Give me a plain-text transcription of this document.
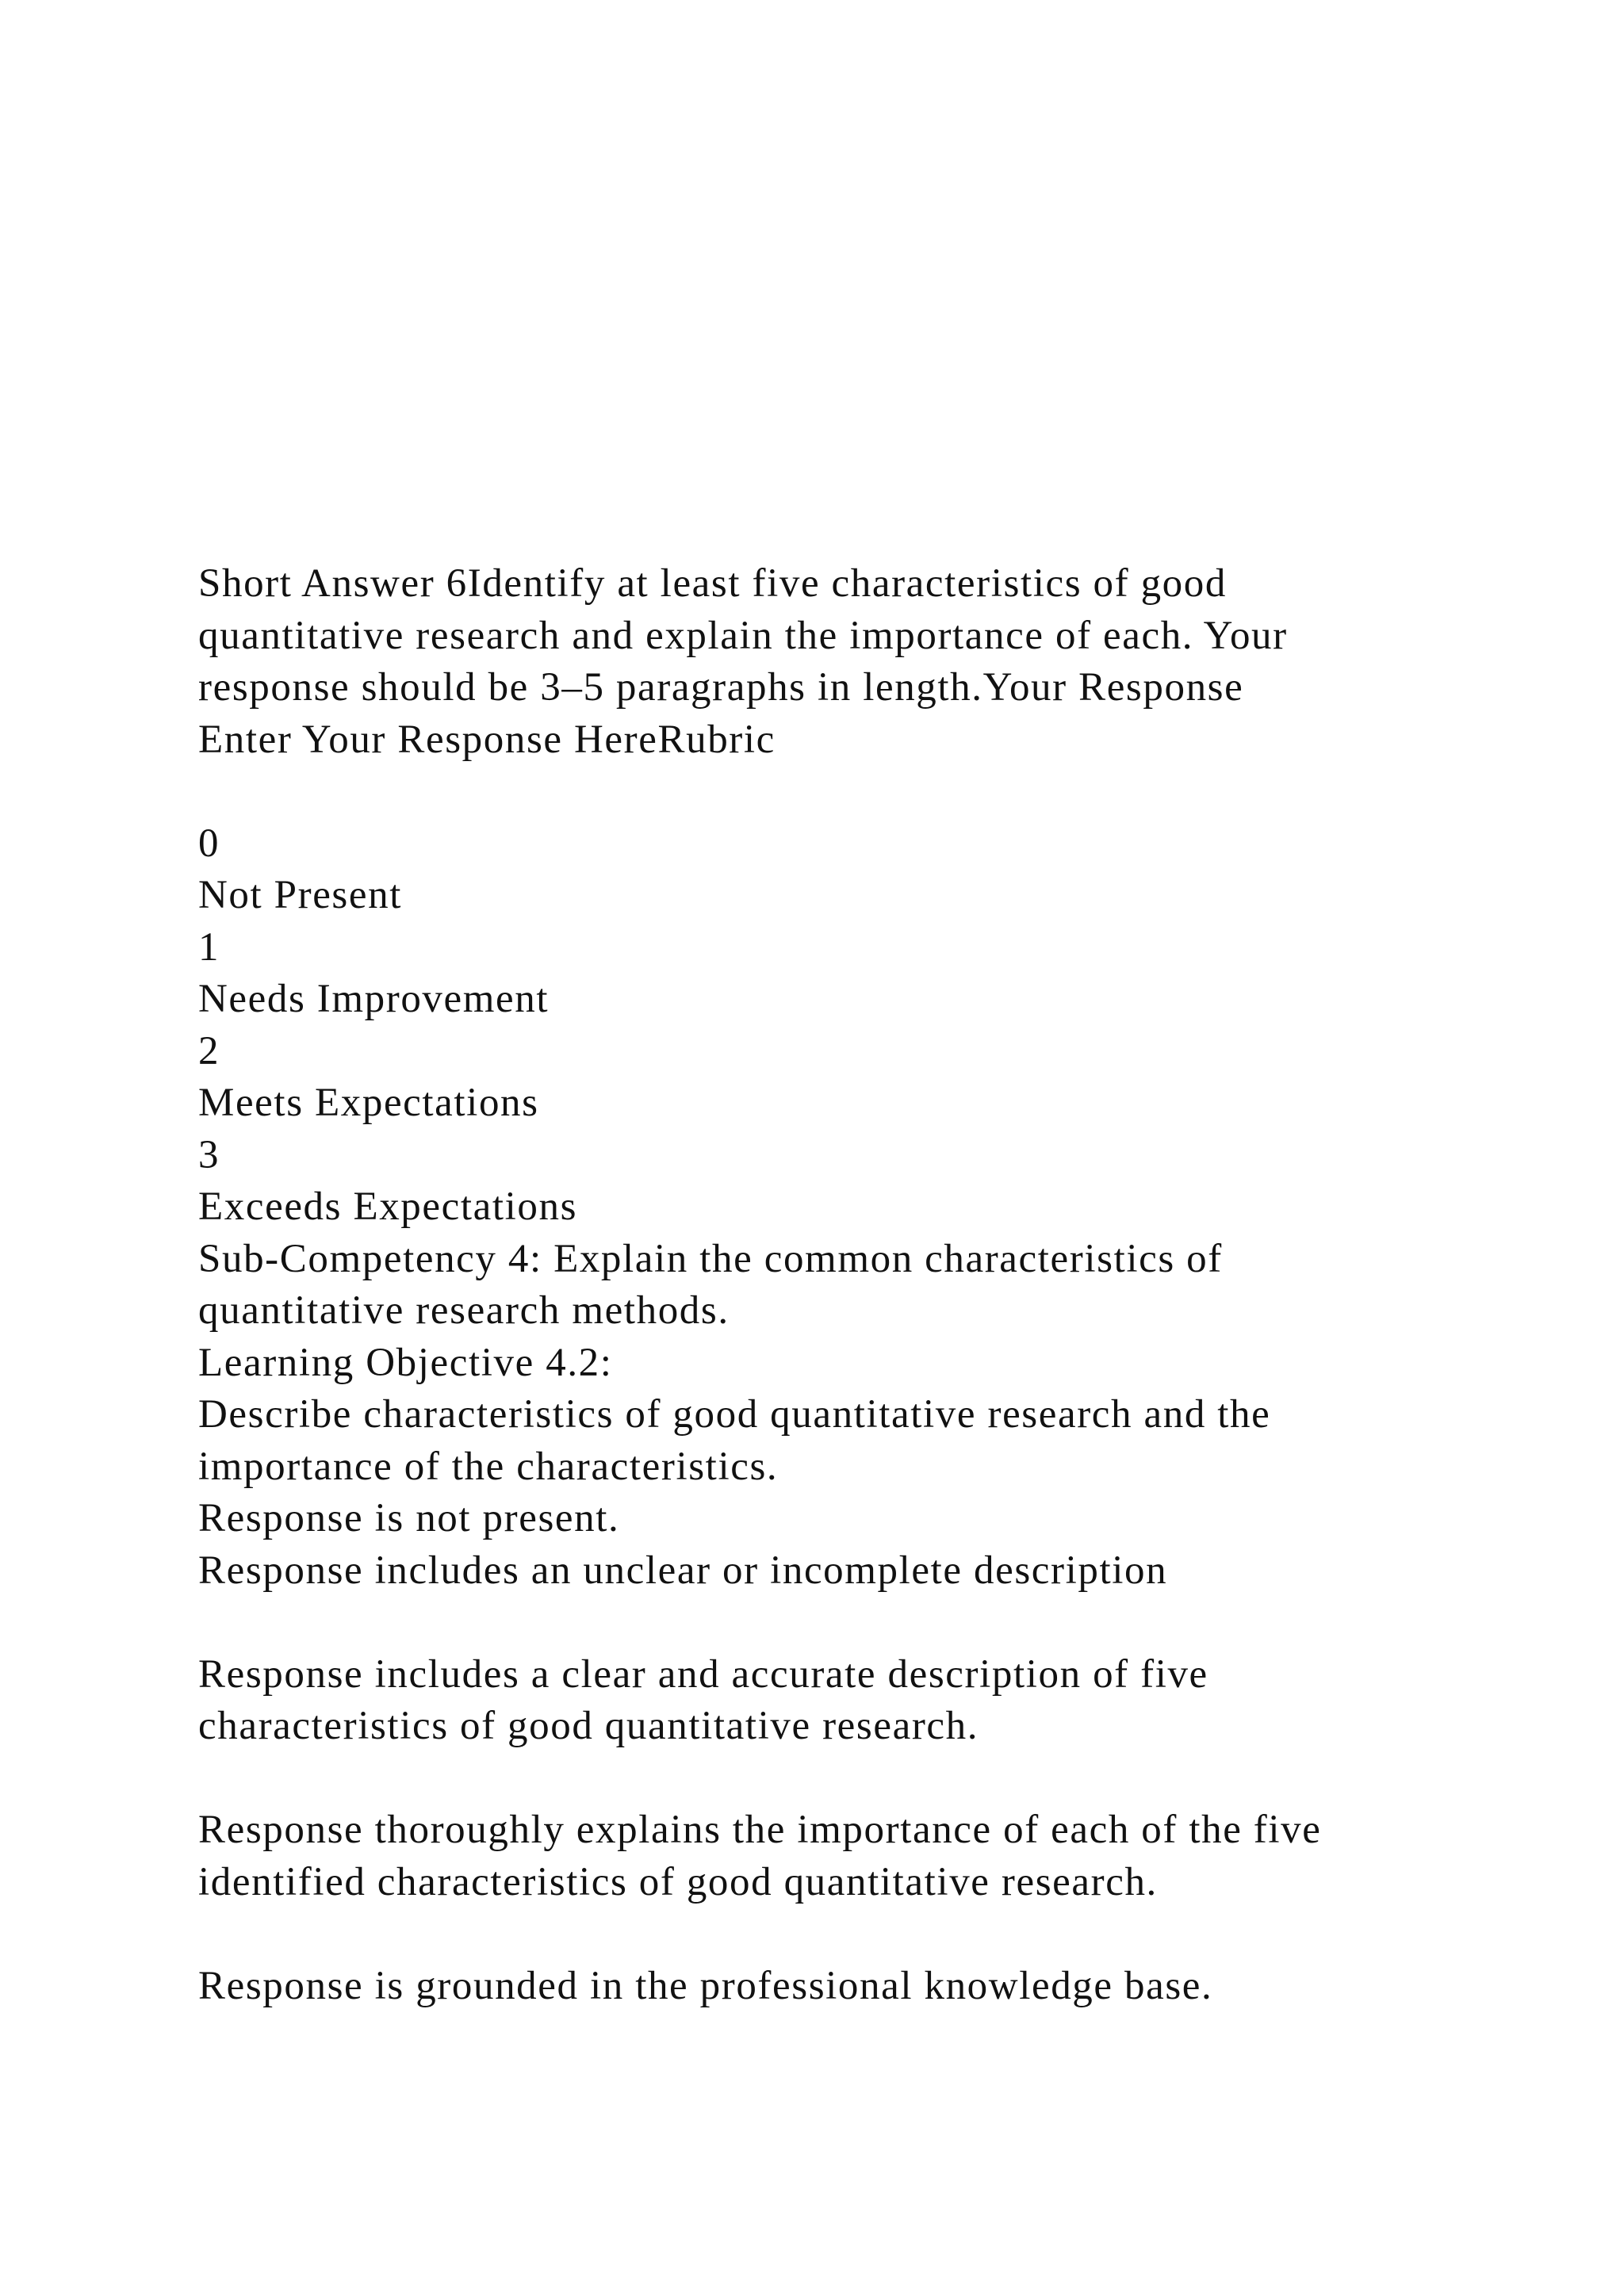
Short Answer 6Identify at least five characteristics of good
quantitative research and explain the importance of each. Your
response should be 3–5 paragraphs in length.Your Response
Enter Your Response HereRubric
0
Not Present
1
Needs Improvement
2
Meets Expectations
3
Exceeds Expectations
Sub-Competency 4: Explain the common characteristics of
quantitative research methods.
Learning Objective 4.2:
Describe characteristics of good quantitative research and the
importance of the characteristics.
Response is not present.
Response includes an unclear or incomplete description
Response includes a clear and accurate description of five
characteristics of good quantitative research.
Response thoroughly explains the importance of each of the five
identified characteristics of good quantitative research.
Response is grounded in the professional knowledge base.
